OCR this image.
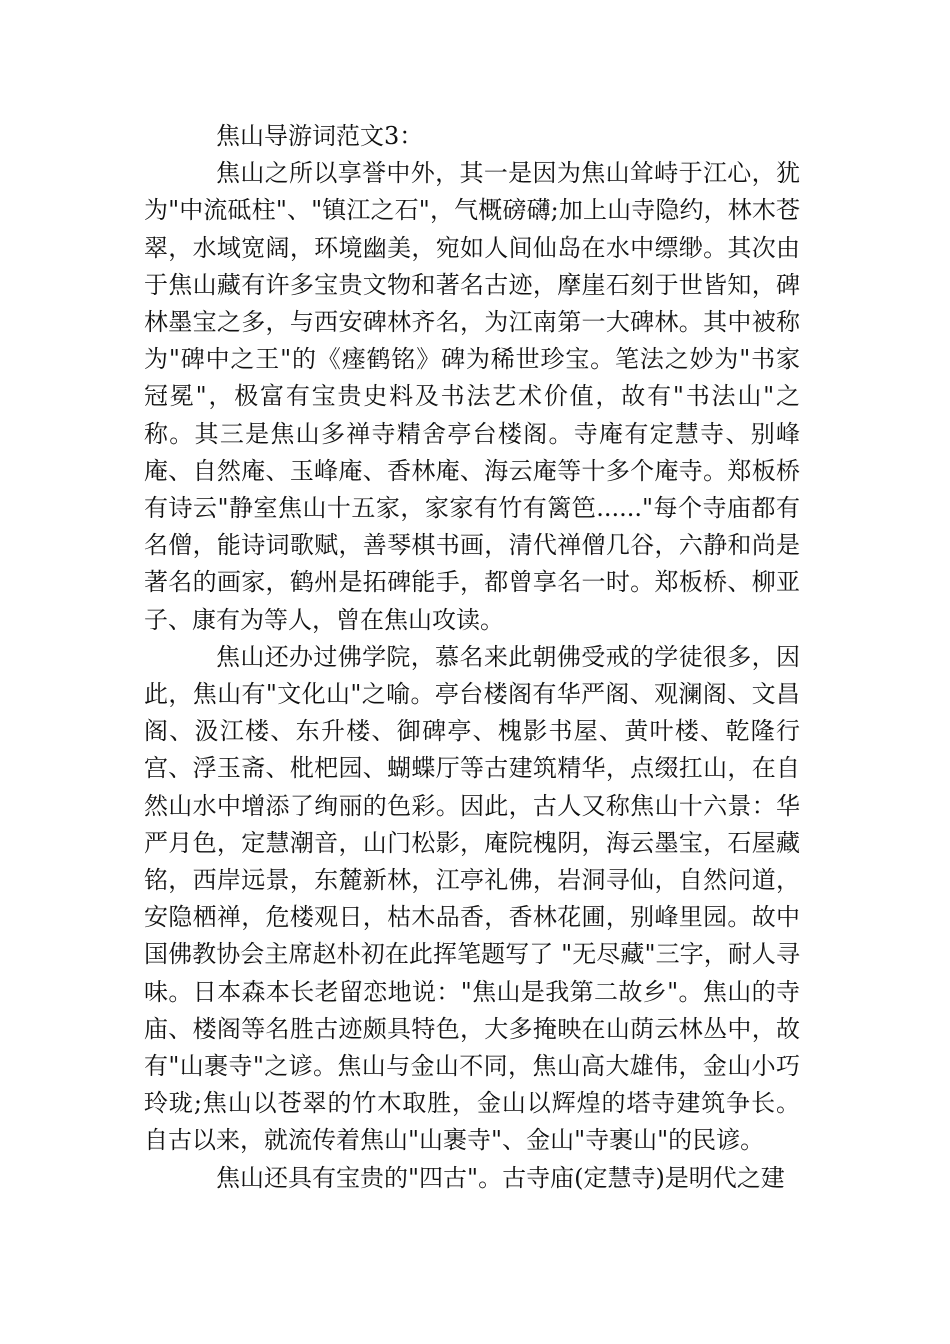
焦山导游词范文3：

焦山之所以享誉中外，其一是因为焦山耸峙于江心，犹为"中流砥柱"、"镇江之石"，气概磅礴;加上山寺隐约，林木苍翠，水域宽阔，环境幽美，宛如人间仙岛在水中缥缈。其次由于焦山藏有许多宝贵文物和著名古迹，摩崖石刻于世皆知，碑林墨宝之多，与西安碑林齐名，为江南第一大碑林。其中被称为"碑中之王"的《瘗鹤铭》碑为稀世珍宝。笔法之妙为"书家冠冕"，极富有宝贵史料及书法艺术价值，故有"书法山"之称。其三是焦山多禅寺精舍亭台楼阁。寺庵有定慧寺、别峰庵、自然庵、玉峰庵、香林庵、海云庵等十多个庵寺。郑板桥有诗云"静室焦山十五家，家家有竹有篱笆......"每个寺庙都有名僧，能诗词歌赋，善琴棋书画，清代禅僧几谷，六静和尚是著名的画家，鹤州是拓碑能手，都曾享名一时。郑板桥、柳亚子、康有为等人，曾在焦山攻读。

焦山还办过佛学院，慕名来此朝佛受戒的学徒很多，因此，焦山有"文化山"之喻。亭台楼阁有华严阁、观澜阁、文昌阁、汲江楼、东升楼、御碑亭、槐影书屋、黄叶楼、乾隆行宫、浮玉斋、枇杷园、蝴蝶厅等古建筑精华，点缀扛山，在自然山水中增添了绚丽的色彩。因此，古人又称焦山十六景：华严月色，定慧潮音，山门松影，庵院槐阴，海云墨宝，石屋藏铭，西岸远景，东麓新林，江亭礼佛，岩洞寻仙，自然问道，安隐栖禅，危楼观日，枯木品香，香林花圃，别峰里园。故中国佛教协会主席赵朴初在此挥笔题写了 "无尽藏"三字，耐人寻味。日本森本长老留恋地说："焦山是我第二故乡"。焦山的寺庙、楼阁等名胜古迹颇具特色，大多掩映在山荫云林丛中，故有"山裹寺"之谚。焦山与金山不同，焦山高大雄伟，金山小巧玲珑;焦山以苍翠的竹木取胜，金山以辉煌的塔寺建筑争长。自古以来，就流传着焦山"山裹寺"、金山"寺裹山"的民谚。

焦山还具有宝贵的"四古"。古寺庙(定慧寺)是明代之建
